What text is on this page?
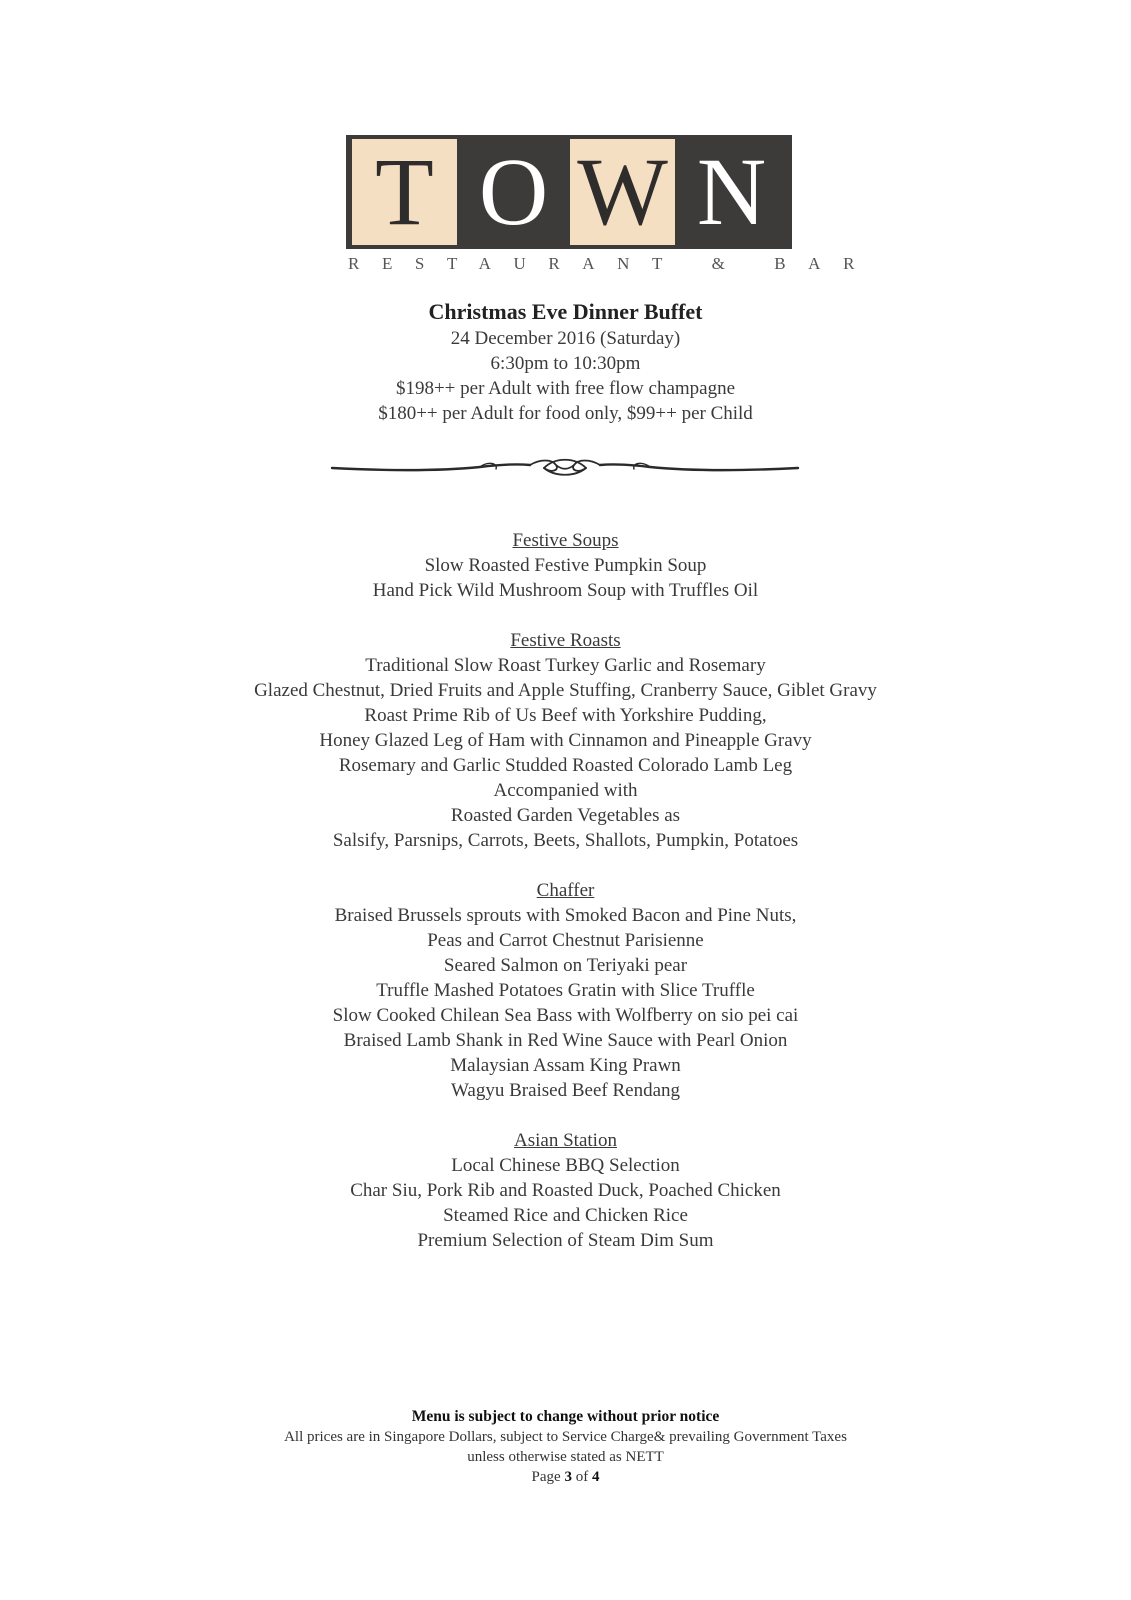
T O W N
RESTAURANT & BAR
Christmas Eve Dinner Buffet
24 December 2016 (Saturday)
6:30pm to 10:30pm
$198++ per Adult with free flow champagne
$180++ per Adult for food only, $99++ per Child
Festive Soups
Slow Roasted Festive Pumpkin Soup
Hand Pick Wild Mushroom Soup with Truffles Oil
Festive Roasts
Traditional Slow Roast Turkey Garlic and Rosemary
Glazed Chestnut, Dried Fruits and Apple Stuffing, Cranberry Sauce, Giblet Gravy
Roast Prime Rib of Us Beef with Yorkshire Pudding,
Honey Glazed Leg of Ham with Cinnamon and Pineapple Gravy
Rosemary and Garlic Studded Roasted Colorado Lamb Leg
Accompanied with
Roasted Garden Vegetables as
Salsify, Parsnips, Carrots, Beets, Shallots, Pumpkin, Potatoes
Chaffer
Braised Brussels sprouts with Smoked Bacon and Pine Nuts,
Peas and Carrot Chestnut Parisienne
Seared Salmon on Teriyaki pear
Truffle Mashed Potatoes Gratin with Slice Truffle
Slow Cooked Chilean Sea Bass with Wolfberry on sio pei cai
Braised Lamb Shank in Red Wine Sauce with Pearl Onion
Malaysian Assam King Prawn
Wagyu Braised Beef Rendang
Asian Station
Local Chinese BBQ Selection
Char Siu, Pork Rib and Roasted Duck, Poached Chicken
Steamed Rice and Chicken Rice
Premium Selection of Steam Dim Sum
Menu is subject to change without prior notice
All prices are in Singapore Dollars, subject to Service Charge& prevailing Government Taxes
unless otherwise stated as NETT
Page 3 of 4
